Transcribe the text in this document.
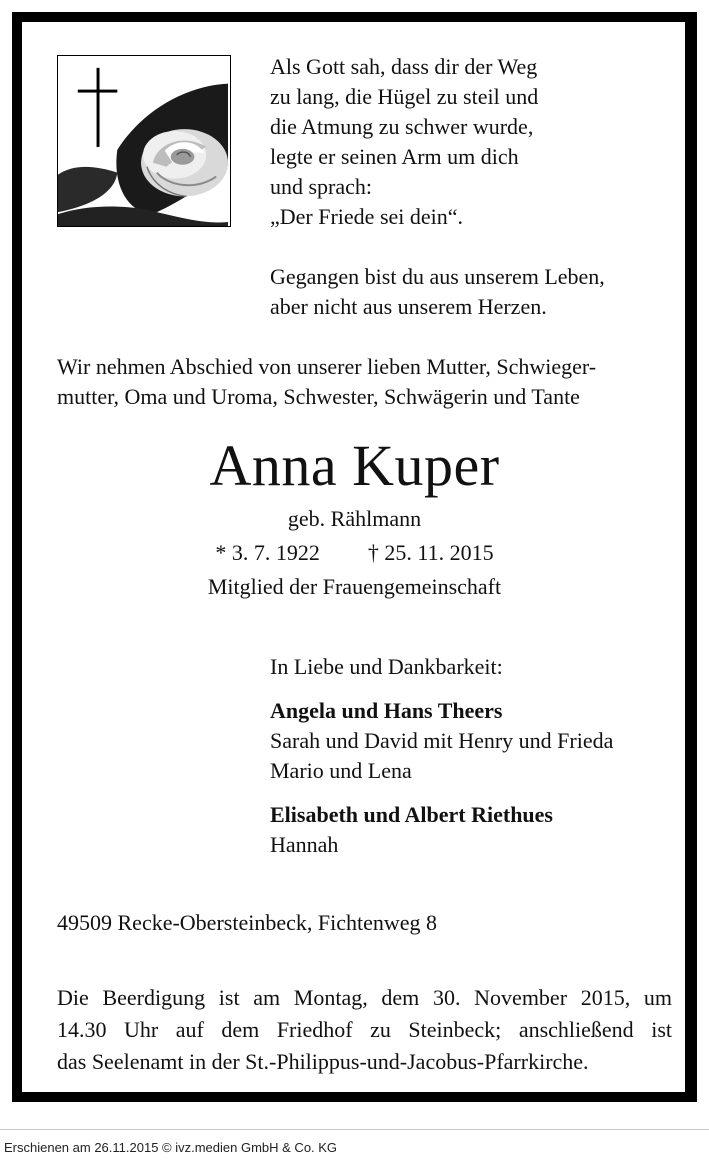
Als Gott sah, dass dir der Weg
zu lang, die Hügel zu steil und
die Atmung zu schwer wurde,
legte er seinen Arm um dich
und sprach:
„Der Friede sei dein“.
Gegangen bist du aus unserem Leben,
aber nicht aus unserem Herzen.
Wir nehmen Abschied von unserer lieben Mutter, Schwieger-
mutter, Oma und Uroma, Schwester, Schwägerin und Tante
Anna Kuper
geb. Rählmann
* 3. 7. 1922 † 25. 11. 2015
Mitglied der Frauengemeinschaft
In Liebe und Dankbarkeit:
Angela und Hans Theers
Sarah und David mit Henry und Frieda
Mario und Lena
Elisabeth und Albert Riethues
Hannah
49509 Recke-Obersteinbeck, Fichtenweg 8
Die Beerdigung ist am Montag, dem 30. November 2015, um
14.30 Uhr auf dem Friedhof zu Steinbeck; anschließend ist
das Seelenamt in der St.-Philippus-und-Jacobus-Pfarrkirche.
Erschienen am 26.11.2015 © ivz.medien GmbH & Co. KG
